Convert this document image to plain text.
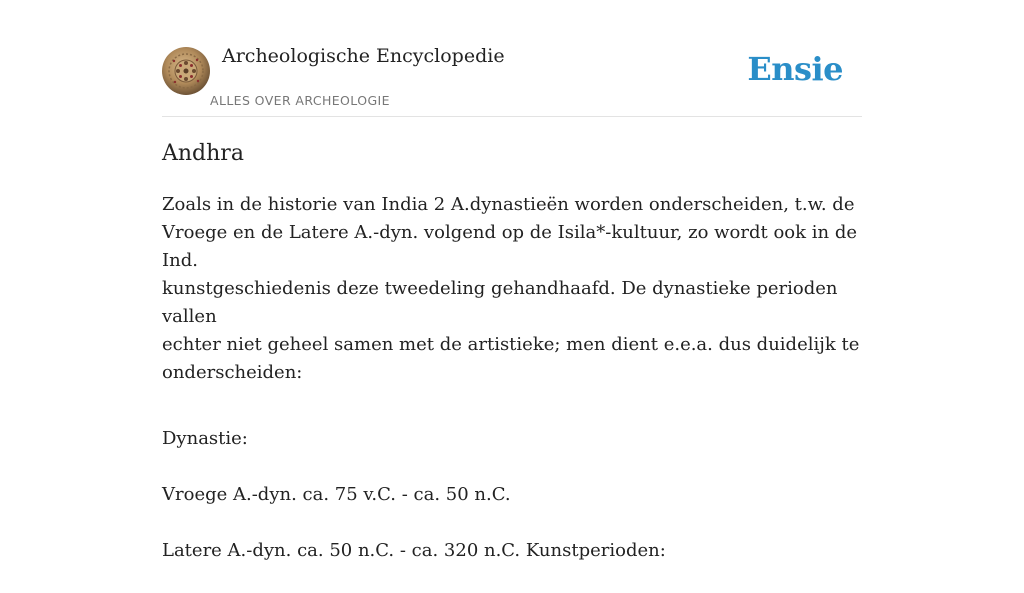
Archeologische Encyclopedie
ALLES OVER ARCHEOLOGIE
Ensie
Andhra

Zoals in de historie van India 2 A.dynastieën worden onderscheiden, t.w. de
Vroege en de Latere A.-dyn. volgend op de Isila*-kultuur, zo wordt ook in de Ind.
kunstgeschiedenis deze tweedeling gehandhaafd. De dynastieke perioden vallen
echter niet geheel samen met de artistieke; men dient e.e.a. dus duidelijk te
onderscheiden:

Dynastie:
Vroege A.-dyn. ca. 75 v.C. - ca. 50 n.C.
Latere A.-dyn. ca. 50 n.C. - ca. 320 n.C. Kunstperioden:
